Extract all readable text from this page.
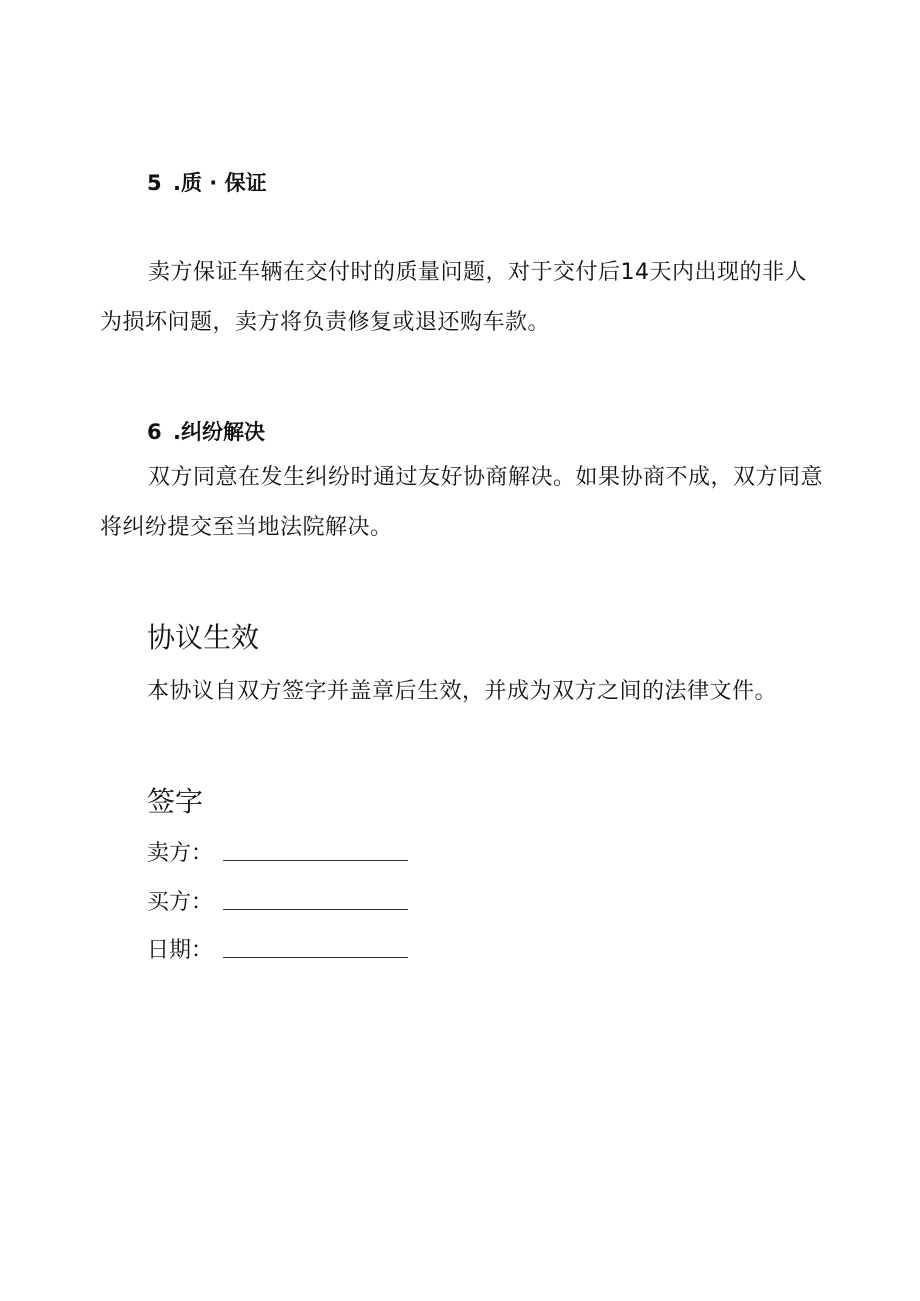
5 .质 · 保证

卖方保证车辆在交付时的质量问题，对于交付后14天内出现的非人为损坏问题，卖方将负责修复或退还购车款。

6 .纠纷解决

双方同意在发生纠纷时通过友好协商解决。如果协商不成，双方同意将纠纷提交至当地法院解决。

协议生效
本协议自双方签字并盖章后生效，并成为双方之间的法律文件。
签字
卖方：
买方：
日期：
